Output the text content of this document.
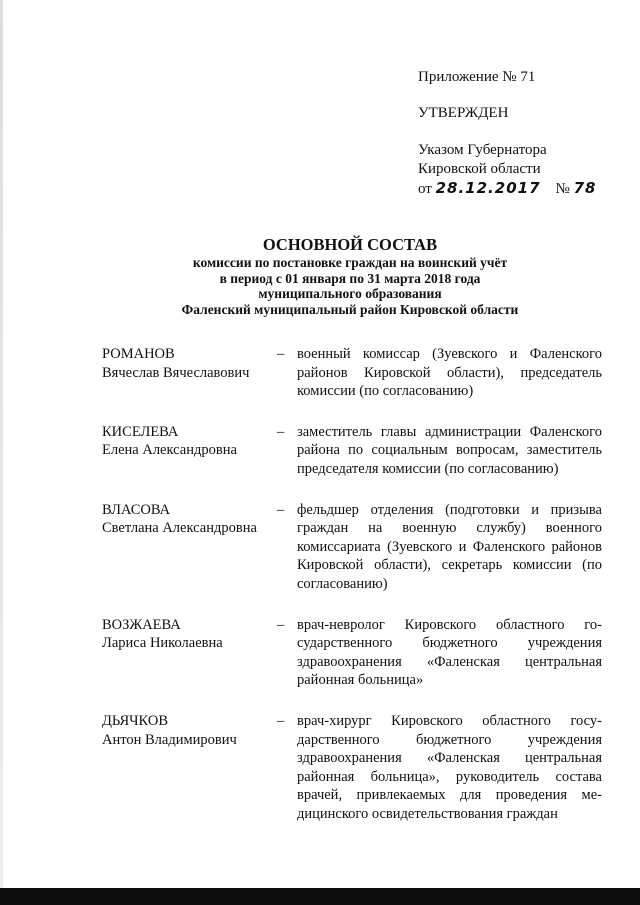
Приложение № 71
УТВЕРЖДЕН
Указом Губернатора
Кировской области
от 28.12.2017 № 78
ОСНОВНОЙ СОСТАВ
комиссии по постановке граждан на воинский учёт
в период с 01 января по 31 марта 2018 года
муниципального образования
Фаленский муниципальный район Кировской области
РОМАНОВ
Вячеслав Вячеславович
– военный комиссар (Зуевского и Фаленского районов Кировской области), председатель комиссии (по согласованию)
КИСЕЛЕВА
Елена Александровна
– заместитель главы администрации Фаленского района по социальным вопросам, заместитель председателя комиссии (по согласованию)
ВЛАСОВА
Светлана Александровна
– фельдшер отделения (подготовки и призыва граждан на военную службу) военного комиссариата (Зуевского и Фаленского районов Кировской области), секретарь комиссии (по согласованию)
ВОЗЖАЕВА
Лариса Николаевна
– врач-невролог Кировского областного государственного бюджетного учреждения здравоохранения «Фаленская центральная районная больница»
ДЬЯЧКОВ
Антон Владимирович
– врач-хирург Кировского областного государственного бюджетного учреждения здравоохранения «Фаленская центральная районная больница», руководитель состава врачей, привлекаемых для проведения медицинского освидетельствования граждан
